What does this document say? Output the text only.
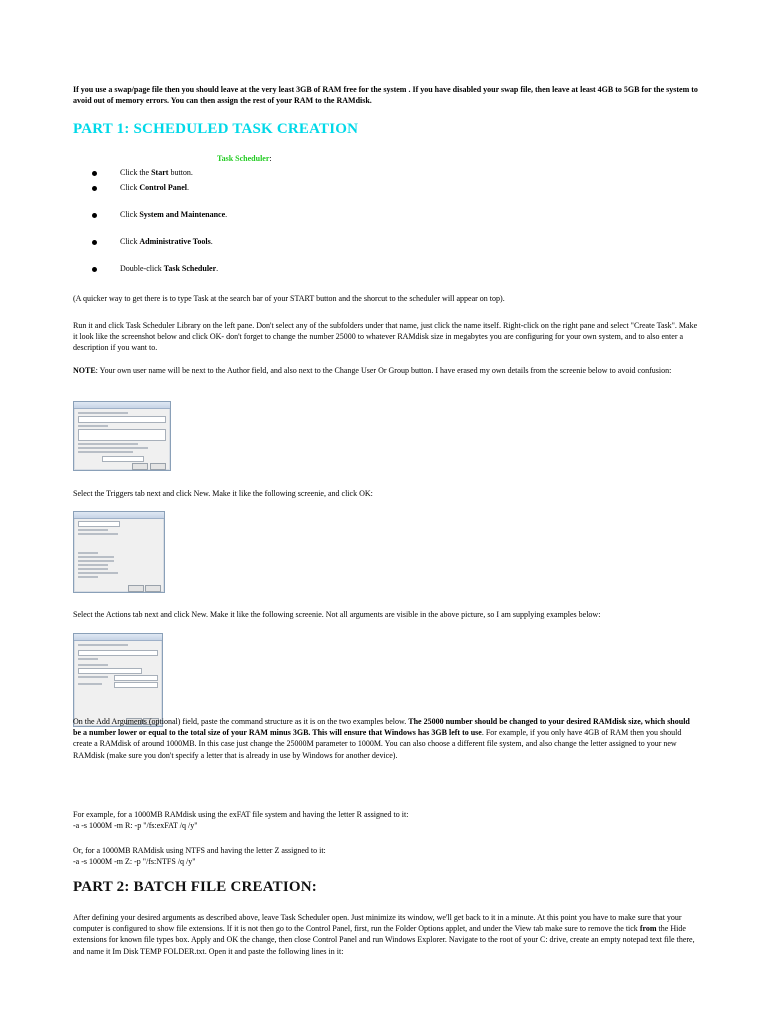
If you use a swap/page file then you should leave at the very least 3GB of RAM free for the system . If you have disabled your swap file, then leave at least 4GB to 5GB for the system to avoid out of memory errors. You can then assign the rest of your RAM to the RAMdisk.

PART 1: SCHEDULED TASK CREATION

Task Scheduler:

Click the Start button.
Click Control Panel.
Click System and Maintenance.
Click Administrative Tools.
Double-click Task Scheduler.

(A quicker way to get there is to type Task at the search bar of your START button and the shorcut to the scheduler will appear on top).

Run it and click Task Scheduler Library on the left pane. Don't select any of the subfolders under that name, just click the name itself. Right-click on the right pane and select "Create Task". Make it look like the screenshot below and click OK- don't forget to change the number 25000 to whatever RAMdisk size in megabytes you are configuring for your own system, and to also enter a description if you want to.

NOTE: Your own user name will be next to the Author field, and also next to the Change User Or Group button. I have erased my own details from the screenie below to avoid confusion:

Select the Triggers tab next and click New. Make it like the following screenie, and click OK:

Select the Actions tab next and click New. Make it like the following screenie. Not all arguments are visible in the above picture, so I am supplying examples below:

On the Add Arguments (optional) field, paste the command structure as it is on the two examples below. The 25000 number should be changed to your desired RAMdisk size, which should be a number lower or equal to the total size of your RAM minus 3GB. This will ensure that Windows has 3GB left to use. For example, if you only have 4GB of RAM then you should create a RAMdisk of around 1000MB. In this case just change the 25000M parameter to 1000M. You can also choose a different file system, and also change the letter assigned to your new RAMdisk (make sure you don't specify a letter that is already in use by Windows for another device).

For example, for a 1000MB RAMdisk using the exFAT file system and having the letter R assigned to it:
-a -s 1000M -m R: -p "/fs:exFAT /q /y"

Or, for a 1000MB RAMdisk using NTFS and having the letter Z assigned to it:
-a -s 1000M -m Z: -p "/fs:NTFS /q /y"

PART 2: BATCH FILE CREATION:

After defining your desired arguments as described above, leave Task Scheduler open. Just minimize its window, we'll get back to it in a minute. At this point you have to make sure that your computer is configured to show file extensions. If it is not then go to the Control Panel, first, run the Folder Options applet, and under the View tab make sure to remove the tick from the Hide extensions for known file types box. Apply and OK the change, then close Control Panel and run Windows Explorer. Navigate to the root of your C: drive, create an empty notepad text file there, and name it Im Disk TEMP FOLDER.txt. Open it and paste the following lines in it:
